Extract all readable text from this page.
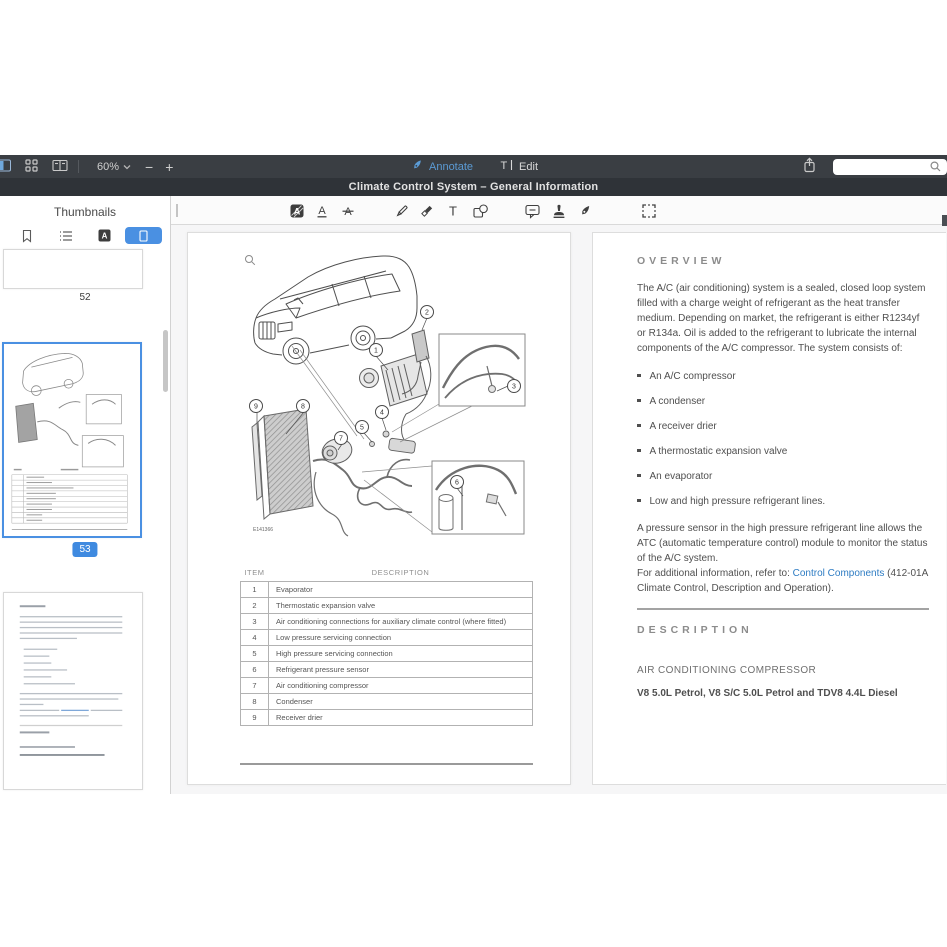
60%	− +	Annotate T Edit
Climate Control System – General Information
Thumbnails
A
52
53
A A A	T
1
2
3
4
5
6
7
8
9
E141366
ITEM	DESCRIPTION
1	Evaporator
2	Thermostatic expansion valve
3	Air conditioning connections for auxiliary climate control (where fitted)
4	Low pressure servicing connection
5	High pressure servicing connection
6	Refrigerant pressure sensor
7	Air conditioning compressor
8	Condenser
9	Receiver drier
OVERVIEW

The A/C (air conditioning) system is a sealed, closed loop system filled with a charge weight of refrigerant as the heat transfer medium. Depending on market, the refrigerant is either R1234yf or R134a. Oil is added to the refrigerant to lubricate the internal components of the A/C compressor. The system consists of:

An A/C compressor
A condenser
A receiver drier
A thermostatic expansion valve
An evaporator
Low and high pressure refrigerant lines.

A pressure sensor in the high pressure refrigerant line allows the ATC (automatic temperature control) module to monitor the status of the A/C system.
For additional information, refer to: Control Components (412-01A Climate Control, Description and Operation).

DESCRIPTION
AIR CONDITIONING COMPRESSOR
V8 5.0L Petrol, V8 S/C 5.0L Petrol and TDV8 4.4L Diesel
